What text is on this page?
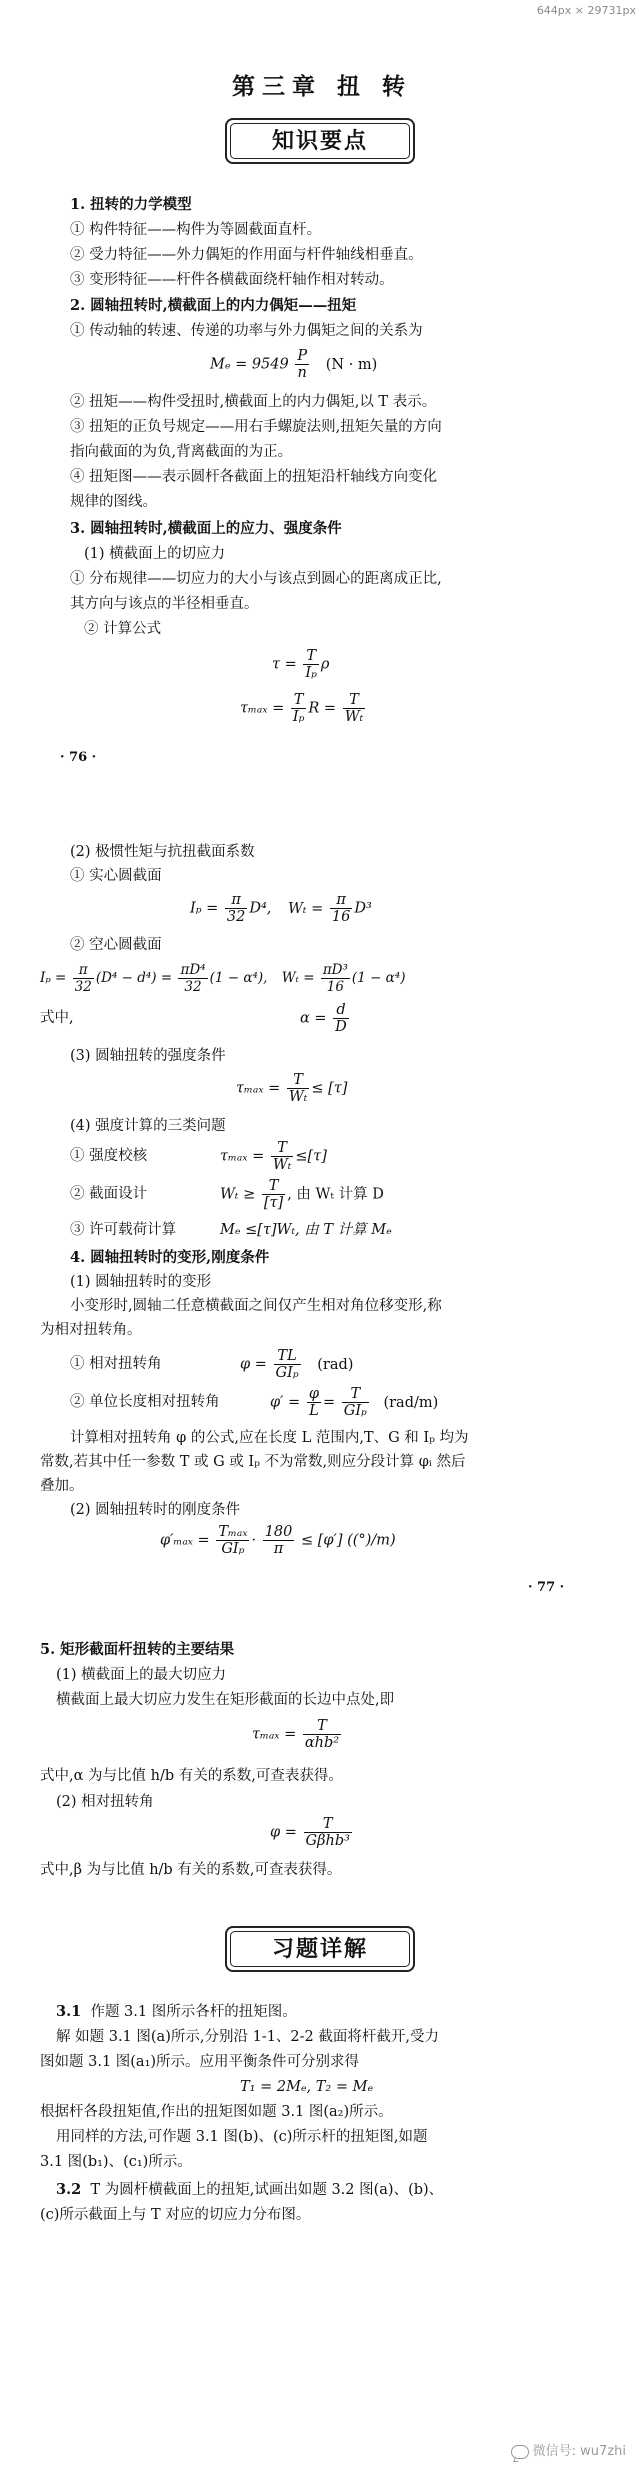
644px × 29731px
第三章 扭 转
知识要点
1. 扭转的力学模型
① 构件特征——构件为等圆截面直杆。
② 受力特征——外力偶矩的作用面与杆件轴线相垂直。
③ 变形特征——杆件各横截面绕杆轴作相对转动。
2. 圆轴扭转时,横截面上的内力偶矩——扭矩
① 传动轴的转速、传递的功率与外力偶矩之间的关系为
$M_e = 9549 \frac{P}{n} (N \cdot m)$
② 扭矩——构件受扭时,横截面上的内力偶矩,以 T 表示。
③ 扭矩的正负号规定——用右手螺旋法则,扭矩矢量的方向
指向截面的为负,背离截面的为正。
④ 扭矩图——表示圆杆各截面上的扭矩沿杆轴线方向变化
规律的图线。
3. 圆轴扭转时,横截面上的应力、强度条件
(1) 横截面上的切应力
① 分布规律——切应力的大小与该点到圆心的距离成正比,
其方向与该点的半径相垂直。
② 计算公式
$\tau = \frac{T}{\text{Iₚ}}$ ρ
$\tau_{max} = \frac{T}{\text{Iₚ}}$ $R = \frac{T}{\text{Wₜ}}$
· 76 ·
(2) 极惯性矩与抗扭截面系数
① 实心圆截面
$I_p = \frac{\pi}{32} D^4$, $W_t = \frac{\pi}{16} D^3$
② 空心圆截面
$I_p = \frac{\pi}{32} (D^4 - d^4) = \frac{\text{πD⁴}}{32} (1 - \alpha^4)$, $W_t = \frac{\text{πD³}}{16} (1 - \alpha^4)$
式中,	$\alpha = \frac{d}{D}$
(3) 圆轴扭转的强度条件
$\tau_{max} = \frac{T}{\text{Wₜ}} \le [\tau]$
(4) 强度计算的三类问题
① 强度校核	$\tau_{max} = \frac{T}{\text{Wₜ}} \le[\tau]$
② 截面设计	$W_t \ge \frac{T}{[\tau]}$ , 由 Wₜ 计算 D
③ 许可载荷计算	Mₑ ≤[τ]Wₜ, 由 T 计算 Mₑ
4. 圆轴扭转时的变形,刚度条件
(1) 圆轴扭转时的变形
小变形时,圆轴二任意横截面之间仅产生相对角位移变形,称
为相对扭转角。
① 相对扭转角	$\varphi = \frac{TL}{\text{GIₚ}} (rad)$
② 单位长度相对扭转角	$\varphi' = \frac{\varphi}{L} = \frac{T}{\text{GIₚ}} (rad/m)$
计算相对扭转角 φ 的公式,应在长度 L 范围内,T、G 和 Iₚ 均为
常数,若其中任一参数 T 或 G 或 Iₚ 不为常数,则应分段计算 φᵢ 然后
叠加。
(2) 圆轴扭转时的刚度条件
$\varphi'_{max} = \frac{\text{Tₘₐₓ}}{\text{GIₚ}} \cdot \frac{180}{\pi} \le [\varphi']$ ((°)/m)
· 77 ·
5. 矩形截面杆扭转的主要结果
(1) 横截面上的最大切应力
横截面上最大切应力发生在矩形截面的长边中点处,即
$\tau_{max} = \frac{T}{\text{αhb²}}$
式中,α 为与比值 h/b 有关的系数,可查表获得。
(2) 相对扭转角
$\varphi = \frac{T}{\text{Gβhb³}}$
式中,β 为与比值 h/b 有关的系数,可查表获得。
习题详解
3.1 作题 3.1 图所示各杆的扭矩图。
解 如题 3.1 图(a)所示,分别沿 1-1、2-2 截面将杆截开,受力
图如题 3.1 图(a₁)所示。应用平衡条件可分别求得
T₁ = 2Mₑ, T₂ = Mₑ
根据杆各段扭矩值,作出的扭矩图如题 3.1 图(a₂)所示。
用同样的方法,可作题 3.1 图(b)、(c)所示杆的扭矩图,如题
3.1 图(b₁)、(c₁)所示。
3.2 T 为圆杆横截面上的扭矩,试画出如题 3.2 图(a)、(b)、
(c)所示截面上与 T 对应的切应力分布图。
微信号: wu7zhi
